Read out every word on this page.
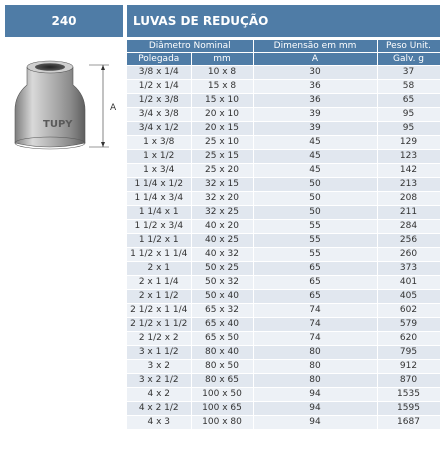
240	LUVAS DE REDUÇÃO
TUPY
A
Diâmetro Nominal		Dimensão em mm	Peso Unit.
Polegada	mm	A	Galv. g
3/8 x 1/4	10 x 8	30	37
1/2 x 1/4	15 x 8	36	58
1/2 x 3/8	15 x 10	36	65
3/4 x 3/8	20 x 10	39	95
3/4 x 1/2	20 x 15	39	95
1 x 3/8	25 x 10	45	129
1 x 1/2	25 x 15	45	123
1 x 3/4	25 x 20	45	142
1 1/4 x 1/2	32 x 15	50	213
1 1/4 x 3/4	32 x 20	50	208
1 1/4 x 1	32 x 25	50	211
1 1/2 x 3/4	40 x 20	55	284
1 1/2 x 1	40 x 25	55	256
1 1/2 x 1 1/4	40 x 32	55	260
2 x 1	50 x 25	65	373
2 x 1 1/4	50 x 32	65	401
2 x 1 1/2	50 x 40	65	405
2 1/2 x 1 1/4	65 x 32	74	602
2 1/2 x 1 1/2	65 x 40	74	579
2 1/2 x 2	65 x 50	74	620
3 x 1 1/2	80 x 40	80	795
3 x 2	80 x 50	80	912
3 x 2 1/2	80 x 65	80	870
4 x 2	100 x 50	94	1535
4 x 2 1/2	100 x 65	94	1595
4 x 3	100 x 80	94	1687
